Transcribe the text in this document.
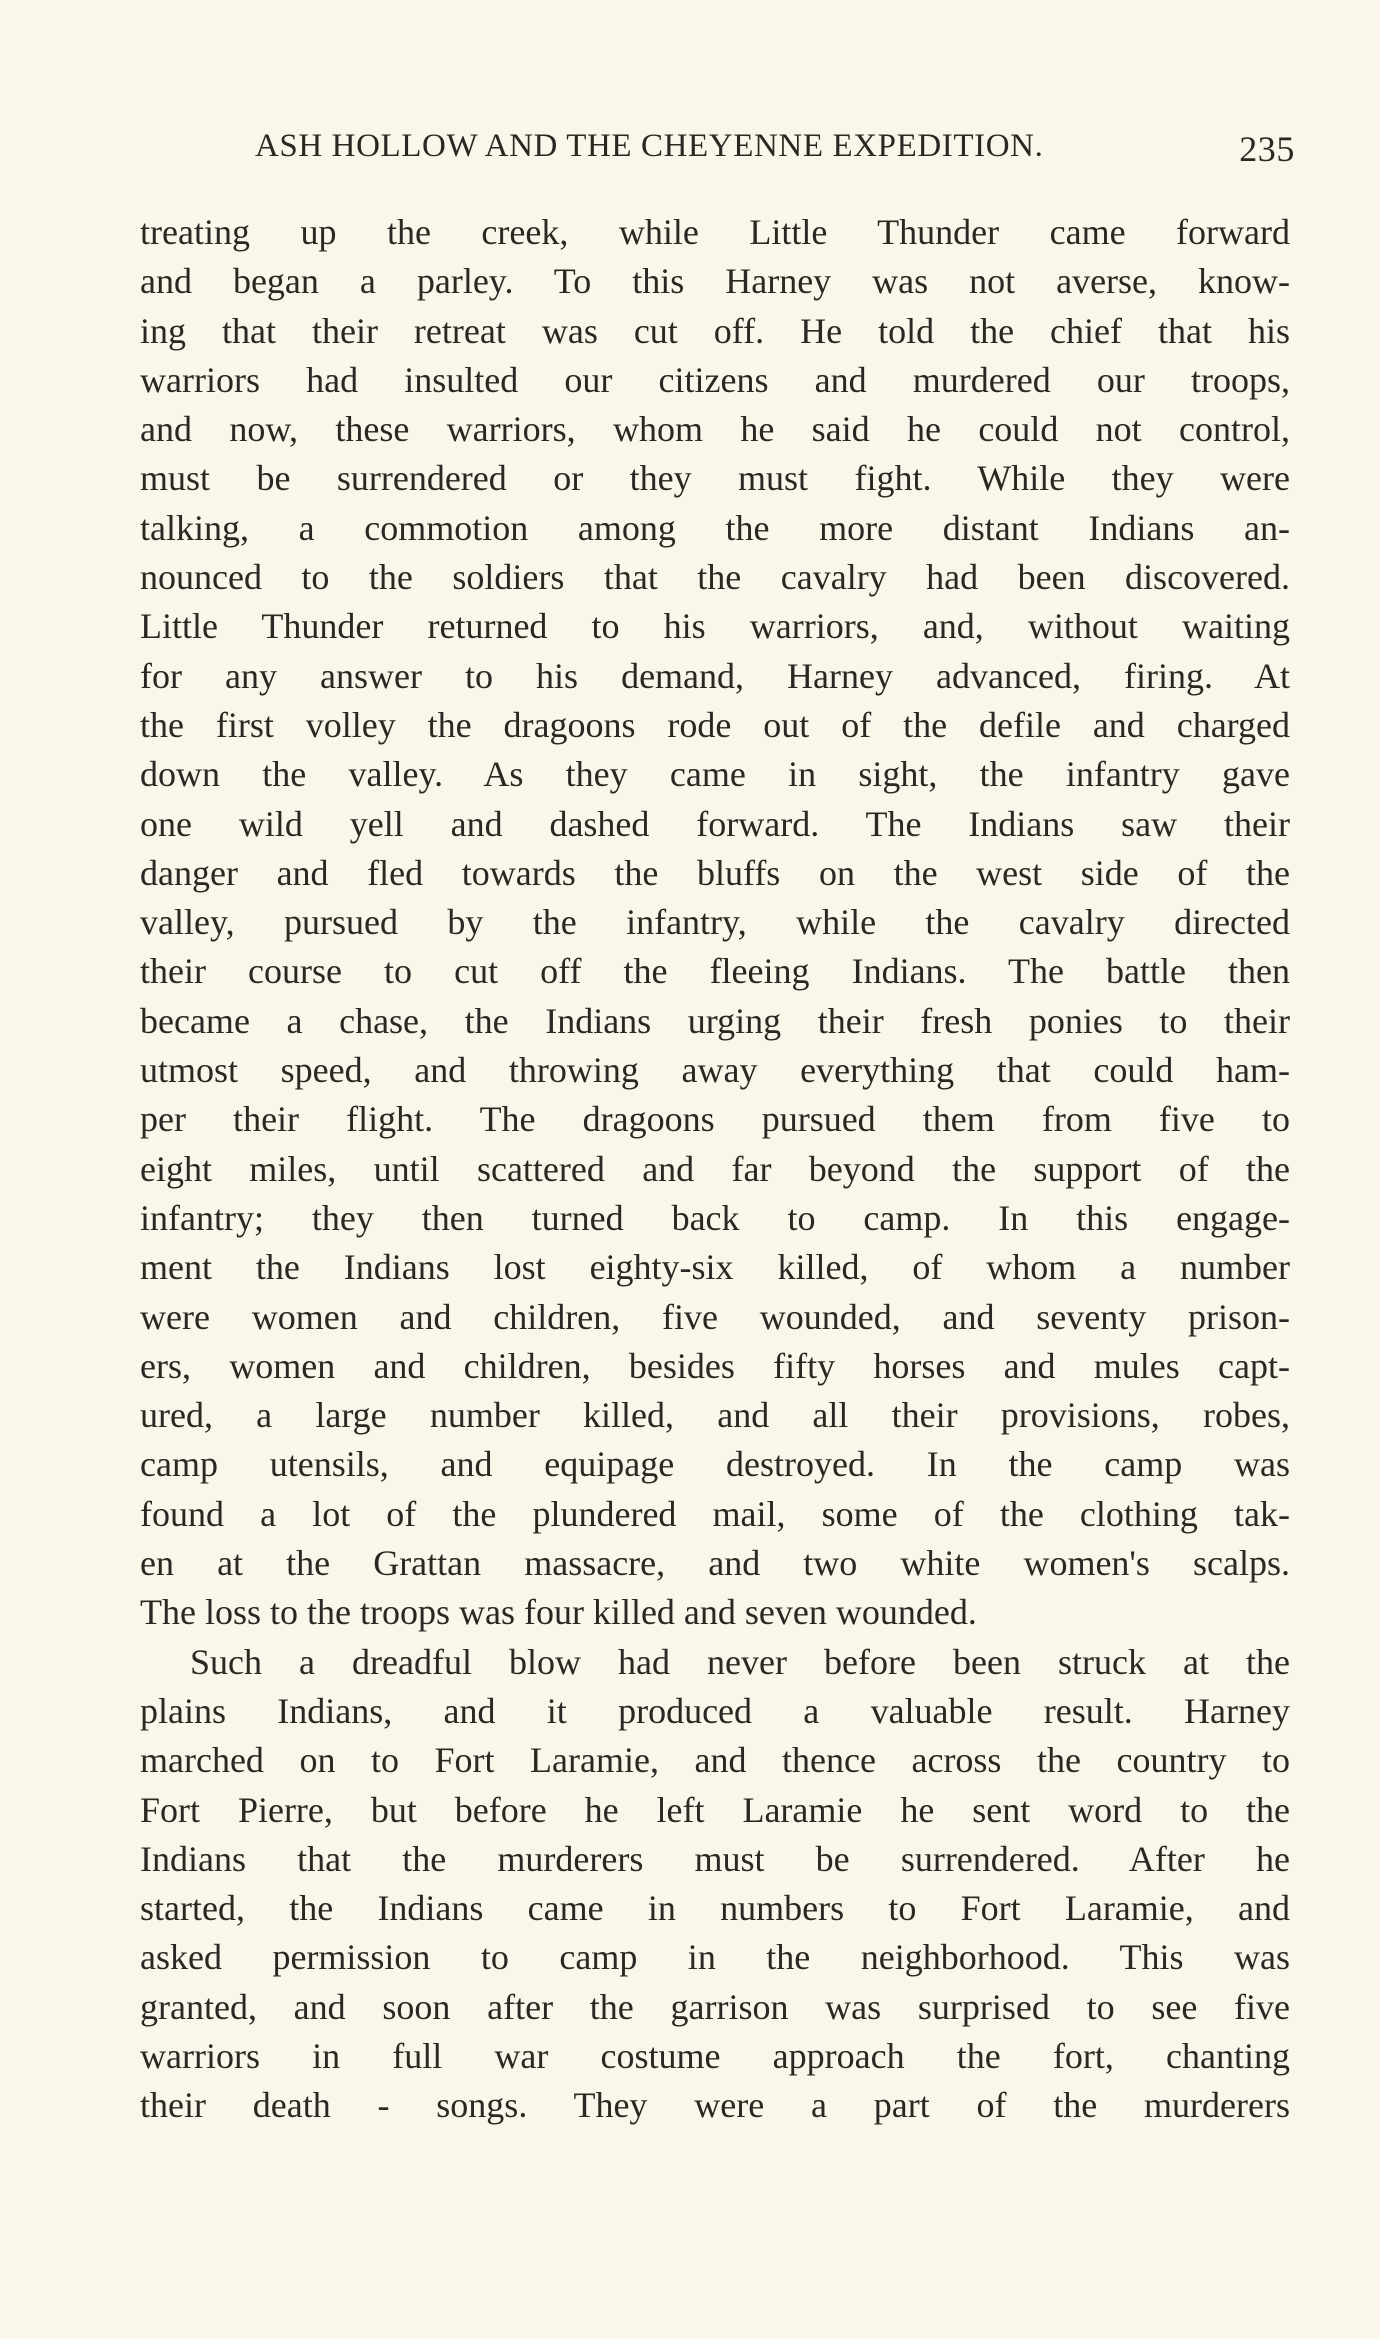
ASH HOLLOW AND THE CHEYENNE EXPEDITION.	235
treating up the creek, while Little Thunder came forward
and began a parley. To this Harney was not averse, know-
ing that their retreat was cut off. He told the chief that his
warriors had insulted our citizens and murdered our troops,
and now, these warriors, whom he said he could not control,
must be surrendered or they must fight. While they were
talking, a commotion among the more distant Indians an-
nounced to the soldiers that the cavalry had been discovered.
Little Thunder returned to his warriors, and, without waiting
for any answer to his demand, Harney advanced, firing. At
the first volley the dragoons rode out of the defile and charged
down the valley. As they came in sight, the infantry gave
one wild yell and dashed forward. The Indians saw their
danger and fled towards the bluffs on the west side of the
valley, pursued by the infantry, while the cavalry directed
their course to cut off the fleeing Indians. The battle then
became a chase, the Indians urging their fresh ponies to their
utmost speed, and throwing away everything that could ham-
per their flight. The dragoons pursued them from five to
eight miles, until scattered and far beyond the support of the
infantry; they then turned back to camp. In this engage-
ment the Indians lost eighty-six killed, of whom a number
were women and children, five wounded, and seventy prison-
ers, women and children, besides fifty horses and mules capt-
ured, a large number killed, and all their provisions, robes,
camp utensils, and equipage destroyed. In the camp was
found a lot of the plundered mail, some of the clothing tak-
en at the Grattan massacre, and two white women's scalps.
The loss to the troops was four killed and seven wounded.
Such a dreadful blow had never before been struck at the
plains Indians, and it produced a valuable result. Harney
marched on to Fort Laramie, and thence across the country to
Fort Pierre, but before he left Laramie he sent word to the
Indians that the murderers must be surrendered. After he
started, the Indians came in numbers to Fort Laramie, and
asked permission to camp in the neighborhood. This was
granted, and soon after the garrison was surprised to see five
warriors in full war costume approach the fort, chanting
their death - songs. They were a part of the murderers
